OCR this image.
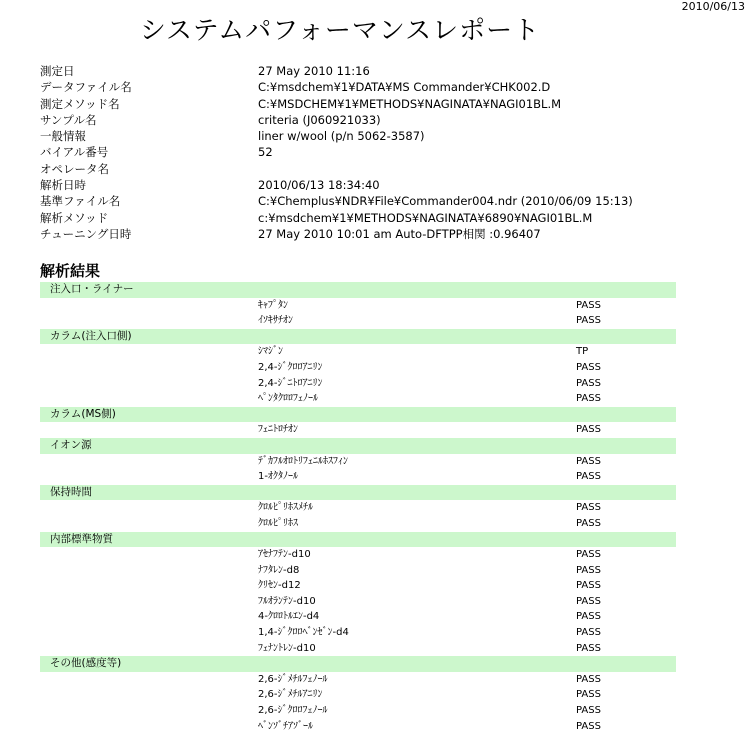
2010/06/13
システムパフォーマンスレポート
測定日	27 May 2010 11:16
データファイル名	C:¥msdchem¥1¥DATA¥MS Commander¥CHK002.D
測定メソッド名	C:¥MSDCHEM¥1¥METHODS¥NAGINATA¥NAGI01BL.M
サンプル名	criteria (J060921033)
一般情報	liner w/wool (p/n 5062-3587)
バイアル番号	52
オペレータ名
解析日時	2010/06/13 18:34:40
基準ファイル名	C:¥Chemplus¥NDR¥File¥Commander004.ndr (2010/06/09 15:13)
解析メソッド	c:¥msdchem¥1¥METHODS¥NAGINATA¥6890¥NAGI01BL.M
チューニング日時	27 May 2010 10:01 am Auto-DFTPP相関 :0.96407
解析結果
注入口・ライナー
ｷｬﾌﾟﾀﾝ	PASS
ｲｿｷｻﾁｵﾝ	PASS
カラム(注入口側)
ｼﾏｼﾞﾝ	TP
2,4-ｼﾞｸﾛﾛｱﾆﾘﾝ	PASS
2,4-ｼﾞﾆﾄﾛｱﾆﾘﾝ	PASS
ﾍﾟﾝﾀｸﾛﾛﾌｪﾉｰﾙ	PASS
カラム(MS側)
ﾌｪﾆﾄﾛﾁｵﾝ	PASS
イオン源
ﾃﾞｶﾌﾙｵﾛﾄﾘﾌｪﾆﾙﾎｽﾌｨﾝ	PASS
1-ｵｸﾀﾉｰﾙ	PASS
保持時間
ｸﾛﾙﾋﾟﾘﾎｽﾒﾁﾙ	PASS
ｸﾛﾙﾋﾟﾘﾎｽ	PASS
内部標準物質
ｱｾﾅﾌﾃﾝ-d10	PASS
ﾅﾌﾀﾚﾝ-d8	PASS
ｸﾘｾﾝ-d12	PASS
ﾌﾙｵﾗﾝﾃﾝ-d10	PASS
4-ｸﾛﾛﾄﾙｴﾝ-d4	PASS
1,4-ｼﾞｸﾛﾛﾍﾞﾝｾﾞﾝ-d4	PASS
ﾌｪﾅﾝﾄﾚﾝ-d10	PASS
その他(感度等)
2,6-ｼﾞﾒﾁﾙﾌｪﾉｰﾙ	PASS
2,6-ｼﾞﾒﾁﾙｱﾆﾘﾝ	PASS
2,6-ｼﾞｸﾛﾛﾌｪﾉｰﾙ	PASS
ﾍﾞﾝｿﾞﾁｱｿﾞｰﾙ	PASS
